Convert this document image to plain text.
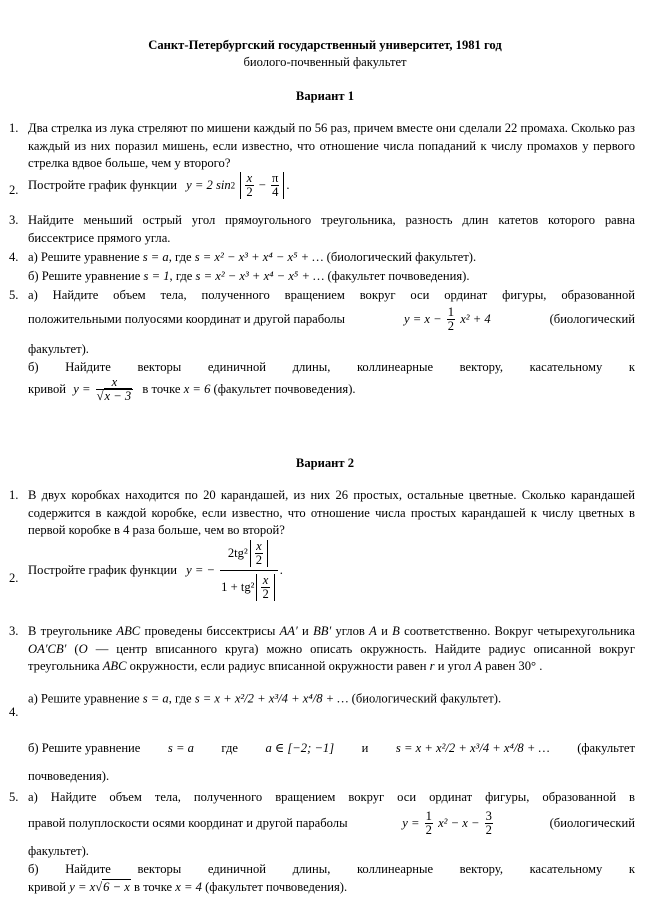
Санкт-Петербургский государственный университет, 1981 год
биолого-почвенный факультет
Вариант 1
1. Два стрелка из лука стреляют по мишени каждый по 56 раз, причем вместе они сделали 22 промаха. Сколько раз каждый из них поразил мишень, если известно, что отношение числа попаданий к числу промахов у первого стрелка вдвое больше, чем у второго?
2. Постройте график функции y = 2 $\sin 2 \frac{x}{2} - \frac{\pi}{4}$ .
3. Найдите меньший острый угол прямоугольного треугольника, разность длин катетов которого равна биссектрисе прямого угла.
4. а) Решите уравнение s = a, где s = x² − x³ + x⁴ − x⁵ + … (биологический факультет).
б) Решите уравнение s = 1, где s = x² − x³ + x⁴ − x⁵ + … (факультет почвоведения).
5. а) Найдите объем тела, полученного вращением вокруг оси ординат фигуры, образованной
положительными полуосями координат и другой параболы	$y = x - \frac{1}{2} x^2 + 4$	(биологический
факультет).
б) Найдите векторы единичной длины, коллинеарные вектору, касательному к
кривой $y = \frac{x}{√x - 3}$ в точке x = 6 (факультет почвоведения).
Вариант 2
1. В двух коробках находится по 20 карандашей, из них 26 простых, остальные цветные. Сколько карандашей содержится в каждой коробке, если известно, что отношение числа простых карандашей к числу цветных в первой коробке в 4 раза больше, чем во второй?
2.
Постройте график функции y = − $\frac{2tg^2 \frac{x}{2}}{1 + tg^2 \frac{x}{2}}$ .
3. В треугольнике ABC проведены биссектрисы AA′ и BB′ углов A и B соответственно. Вокруг четырехугольника OA′CB′ (O — центр вписанного круга) можно описать окружность. Найдите радиус описанной вокруг треугольника ABC окружности, если радиус вписанной окружности равен r и угол A равен 30° .
4.
а) Решите уравнение s = a, где s = x + x²/2 + x³/4 + x⁴/8 + … (биологический факультет).
б) Решите уравнение s = a где a ∈ [−2; −1] и s = x + x²/2 + x³/4 + x⁴/8 + … (факультет
почвоведения).
5. а) Найдите объем тела, полученного вращением вокруг оси ординат фигуры, образованной в
правой полуплоскости осями координат и другой параболы	$y = \frac{1}{2} x^2 - x - \frac{3}{2}$	(биологический
факультет).
б) Найдите векторы единичной длины, коллинеарные вектору, касательному к
кривой y = x√6 − x в точке x = 4 (факультет почвоведения).
